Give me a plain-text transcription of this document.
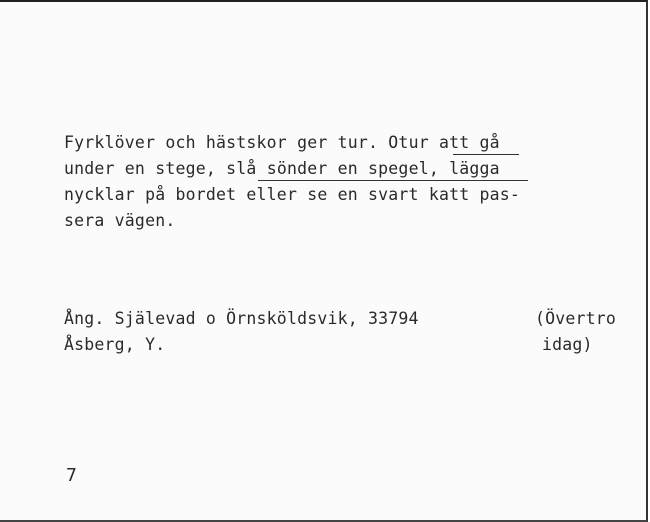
Fyrklöver och hästskor ger tur. Otur att gå
under en stege, slå sönder en spegel, lägga
nycklar på bordet eller se en svart katt pas-
sera vägen.
Ång. Själevad o Örnsköldsvik, 33794	(Övertro
Åsberg, Y.	idag)
7
